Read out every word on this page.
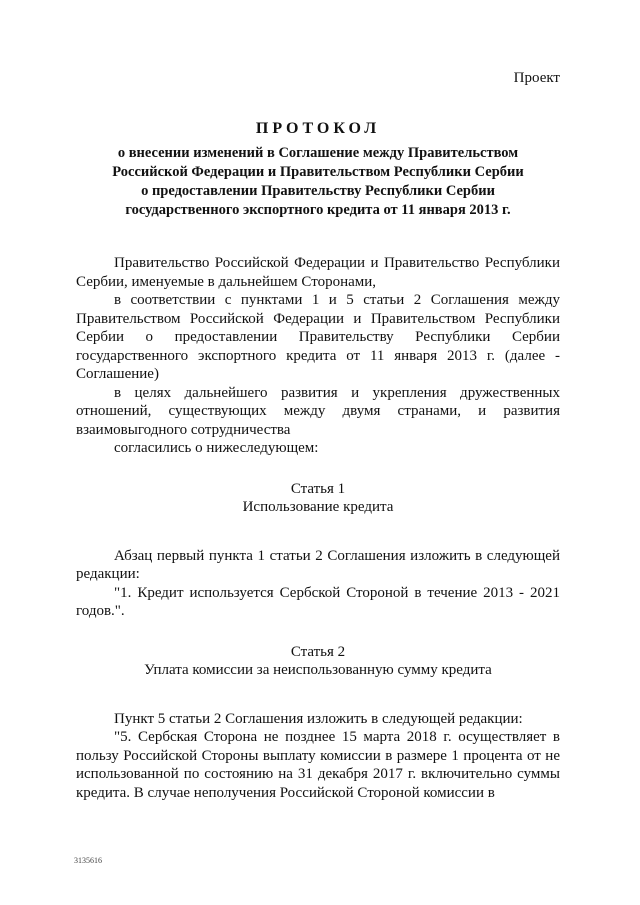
Проект

ПРОТОКОЛ

о внесении изменений в Соглашение между Правительством
Российской Федерации и Правительством Республики Сербии
о предоставлении Правительству Республики Сербии
государственного экспортного кредита от 11 января 2013 г.

Правительство Российской Федерации и Правительство Республики Сербии, именуемые в дальнейшем Сторонами,

в соответствии с пунктами 1 и 5 статьи 2 Соглашения между Правительством Российской Федерации и Правительством Республики Сербии о предоставлении Правительству Республики Сербии государственного экспортного кредита от 11 января 2013 г. (далее - Соглашение)

в целях дальнейшего развития и укрепления дружественных отношений, существующих между двумя странами, и развития взаимовыгодного сотрудничества

согласились о нижеследующем:

Статья 1

Использование кредита

Абзац первый пункта 1 статьи 2 Соглашения изложить в следующей редакции:

"1. Кредит используется Сербской Стороной в течение 2013 - 2021 годов.".

Статья 2

Уплата комиссии за неиспользованную сумму кредита

Пункт 5 статьи 2 Соглашения изложить в следующей редакции:

"5. Сербская Сторона не позднее 15 марта 2018 г. осуществляет в пользу Российской Стороны выплату комиссии в размере 1 процента от не использованной по состоянию на 31 декабря 2017 г. включительно суммы кредита. В случае неполучения Российской Стороной комиссии в

3135616
